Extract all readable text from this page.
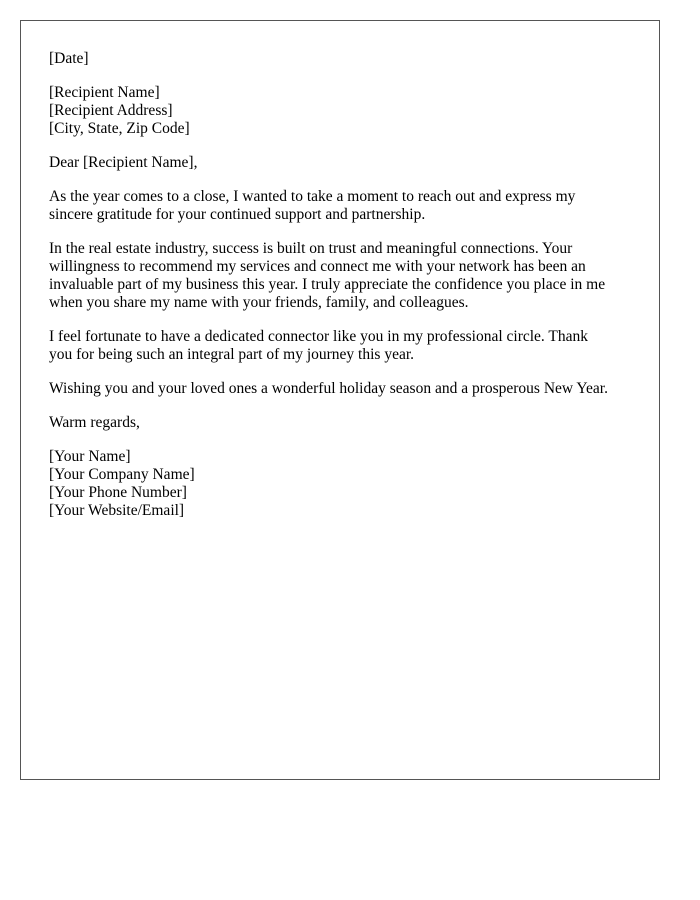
[Date]
[Recipient Name]
[Recipient Address]
[City, State, Zip Code]
Dear [Recipient Name],
As the year comes to a close, I wanted to take a moment to reach out and express my
sincere gratitude for your continued support and partnership.
In the real estate industry, success is built on trust and meaningful connections. Your
willingness to recommend my services and connect me with your network has been an
invaluable part of my business this year. I truly appreciate the confidence you place in me
when you share my name with your friends, family, and colleagues.
I feel fortunate to have a dedicated connector like you in my professional circle. Thank
you for being such an integral part of my journey this year.
Wishing you and your loved ones a wonderful holiday season and a prosperous New Year.
Warm regards,
[Your Name]
[Your Company Name]
[Your Phone Number]
[Your Website/Email]
